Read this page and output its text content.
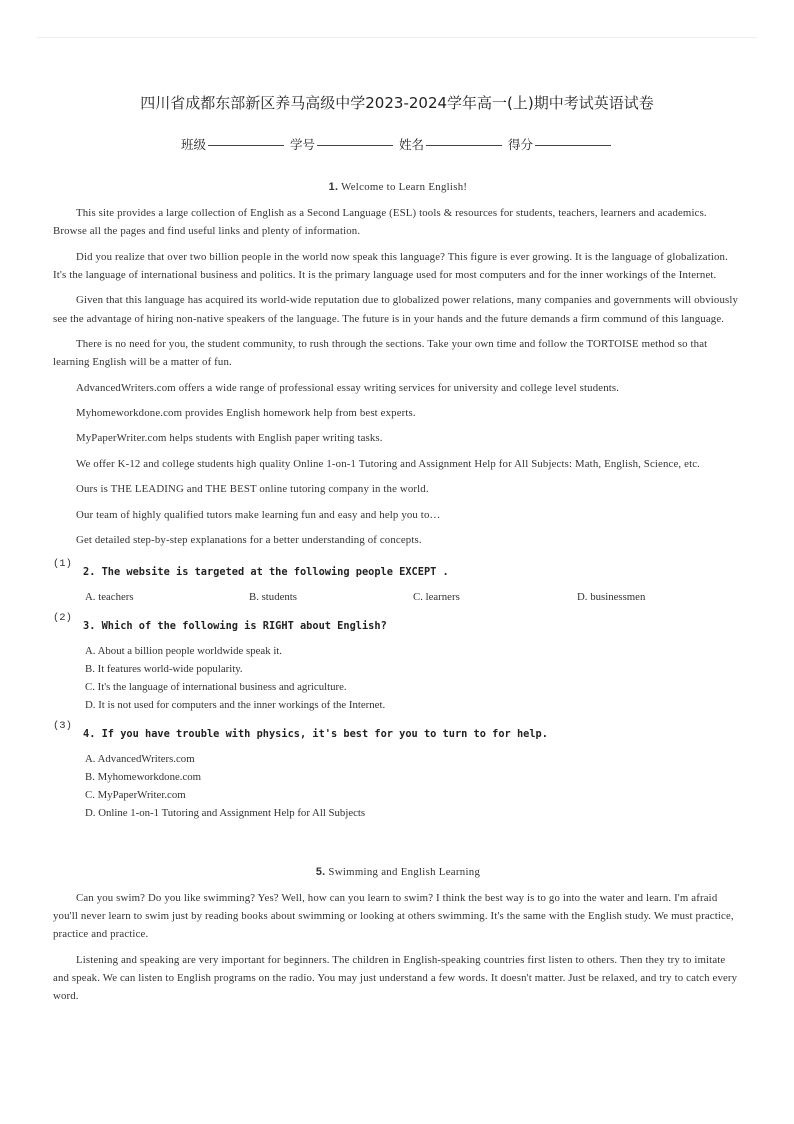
四川省成都东部新区养马高级中学2023-2024学年高一(上)期中考试英语试卷
班级	学号	姓名	得分
1. Welcome to Learn English!

This site provides a large collection of English as a Second Language (ESL) tools & resources for students, teachers, learners and academics. Browse all the pages and find useful links and plenty of information.

Did you realize that over two billion people in the world now speak this language? This figure is ever growing. It is the language of globalization. It's the language of international business and politics. It is the primary language used for most computers and for the inner workings of the Internet.

Given that this language has acquired its world-wide reputation due to globalized power relations, many companies and governments will obviously see the advantage of hiring non-native speakers of the language. The future is in your hands and the future demands a firm commund of this language.

There is no need for you, the student community, to rush through the sections. Take your own time and follow the TORTOISE method so that learning English will be a matter of fun.

AdvancedWriters.com offers a wide range of professional essay writing services for university and college level students.

Myhomeworkdone.com provides English homework help from best experts.

MyPaperWriter.com helps students with English paper writing tasks.

We offer K-12 and college students high quality Online 1-on-1 Tutoring and Assignment Help for All Subjects: Math, English, Science, etc.

Ours is THE LEADING and THE BEST online tutoring company in the world.

Our team of highly qualified tutors make learning fun and easy and help you to…

Get detailed step-by-step explanations for a better understanding of concepts.

(1)
2. The website is targeted at the following people EXCEPT .
A. teachers	B. students	C. learners	D. businessmen
(2)
3. Which of the following is RIGHT about English?
A. About a billion people worldwide speak it.
B. It features world-wide popularity.
C. It's the language of international business and agriculture.
D. It is not used for computers and the inner workings of the Internet.
(3)
4. If you have trouble with physics, it's best for you to turn to for help.
A. AdvancedWriters.com
B. Myhomeworkdone.com
C. MyPaperWriter.com
D. Online 1-on-1 Tutoring and Assignment Help for All Subjects
5. Swimming and English Learning

Can you swim? Do you like swimming? Yes? Well, how can you learn to swim? I think the best way is to go into the water and learn. I'm afraid you'll never learn to swim just by reading books about swimming or looking at others swimming. It's the same with the English study. We must practice, practice and practice.

Listening and speaking are very important for beginners. The children in English-speaking countries first listen to others. Then they try to imitate and speak. We can listen to English programs on the radio. You may just understand a few words. It doesn't matter. Just be relaxed, and try to catch every word.
